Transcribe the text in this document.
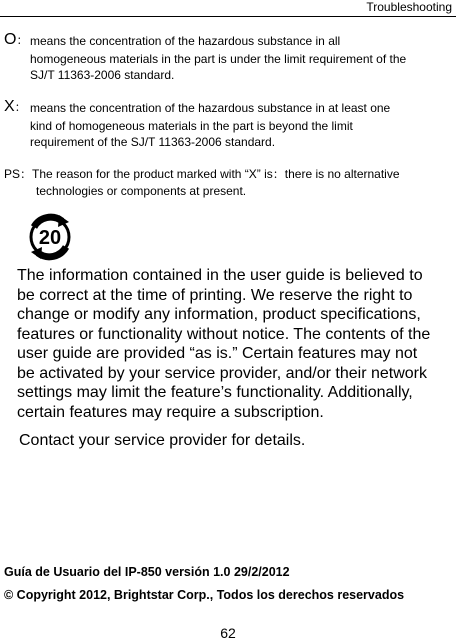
Troubleshooting
O： means the concentration of the hazardous substance in all
homogeneous materials in the part is under the limit requirement of the
SJ/T 11363-2006 standard.
X： means the concentration of the hazardous substance in at least one
kind of homogeneous materials in the part is beyond the limit
requirement of the SJ/T 11363-2006 standard.
PS：The reason for the product marked with “X” is：there is no alternative
technologies or components at present.
20
The information contained in the user guide is believed to
be correct at the time of printing. We reserve the right to
change or modify any information, product specifications,
features or functionality without notice. The contents of the
user guide are provided “as is.” Certain features may not
be activated by your service provider, and/or their network
settings may limit the feature’s functionality. Additionally,
certain features may require a subscription.
Contact your service provider for details.
Guía de Usuario del IP-850 versión 1.0 29/2/2012
© Copyright 2012, Brightstar Corp., Todos los derechos reservados
62
